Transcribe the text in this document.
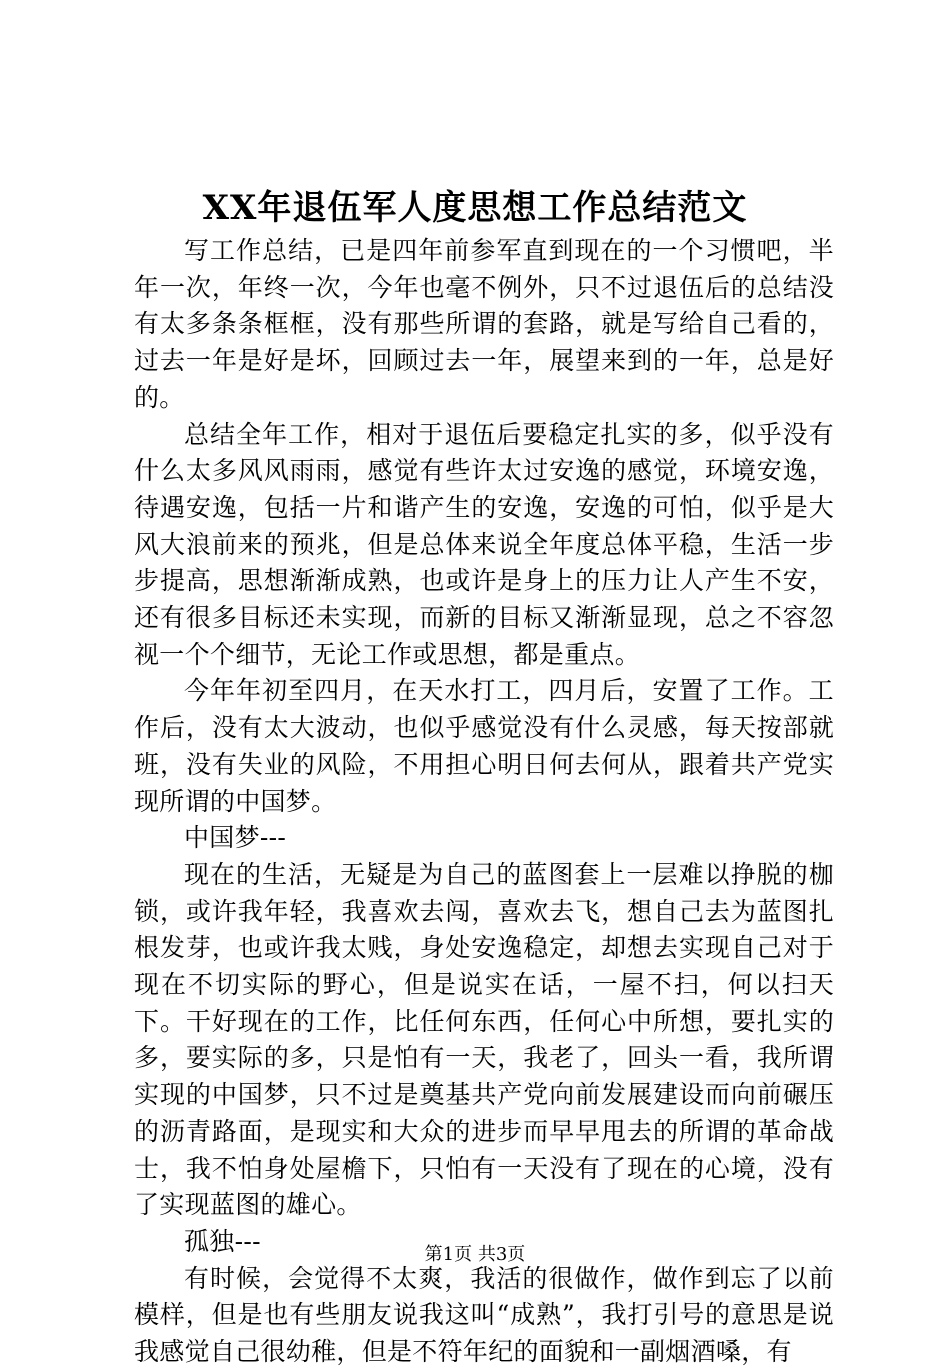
XX年退伍军人度思想工作总结范文

写工作总结，已是四年前参军直到现在的一个习惯吧，半年一次，年终一次，今年也毫不例外，只不过退伍后的总结没有太多条条框框，没有那些所谓的套路，就是写给自己看的，过去一年是好是坏，回顾过去一年，展望来到的一年，总是好的。

总结全年工作，相对于退伍后要稳定扎实的多，似乎没有什么太多风风雨雨，感觉有些许太过安逸的感觉，环境安逸，待遇安逸，包括一片和谐产生的安逸，安逸的可怕，似乎是大风大浪前来的预兆，但是总体来说全年度总体平稳，生活一步步提高，思想渐渐成熟，也或许是身上的压力让人产生不安，还有很多目标还未实现，而新的目标又渐渐显现，总之不容忽视一个个细节，无论工作或思想，都是重点。

今年年初至四月，在天水打工，四月后，安置了工作。工作后，没有太大波动，也似乎感觉没有什么灵感，每天按部就班，没有失业的风险，不用担心明日何去何从，跟着共产党实现所谓的中国梦。

中国梦---

现在的生活，无疑是为自己的蓝图套上一层难以挣脱的枷锁，或许我年轻，我喜欢去闯，喜欢去飞，想自己去为蓝图扎根发芽，也或许我太贱，身处安逸稳定，却想去实现自己对于现在不切实际的野心，但是说实在话，一屋不扫，何以扫天下。干好现在的工作，比任何东西，任何心中所想，要扎实的多，要实际的多，只是怕有一天，我老了，回头一看，我所谓实现的中国梦，只不过是奠基共产党向前发展建设而向前碾压的沥青路面，是现实和大众的进步而早早甩去的所谓的革命战士，我不怕身处屋檐下，只怕有一天没有了现在的心境，没有了实现蓝图的雄心。

孤独---

有时候，会觉得不太爽，我活的很做作，做作到忘了以前模样，但是也有些朋友说我这叫“成熟”，我打引号的意思是说我感觉自己很幼稚，但是不符年纪的面貌和一副烟酒嗓，有

第1页 共3页
